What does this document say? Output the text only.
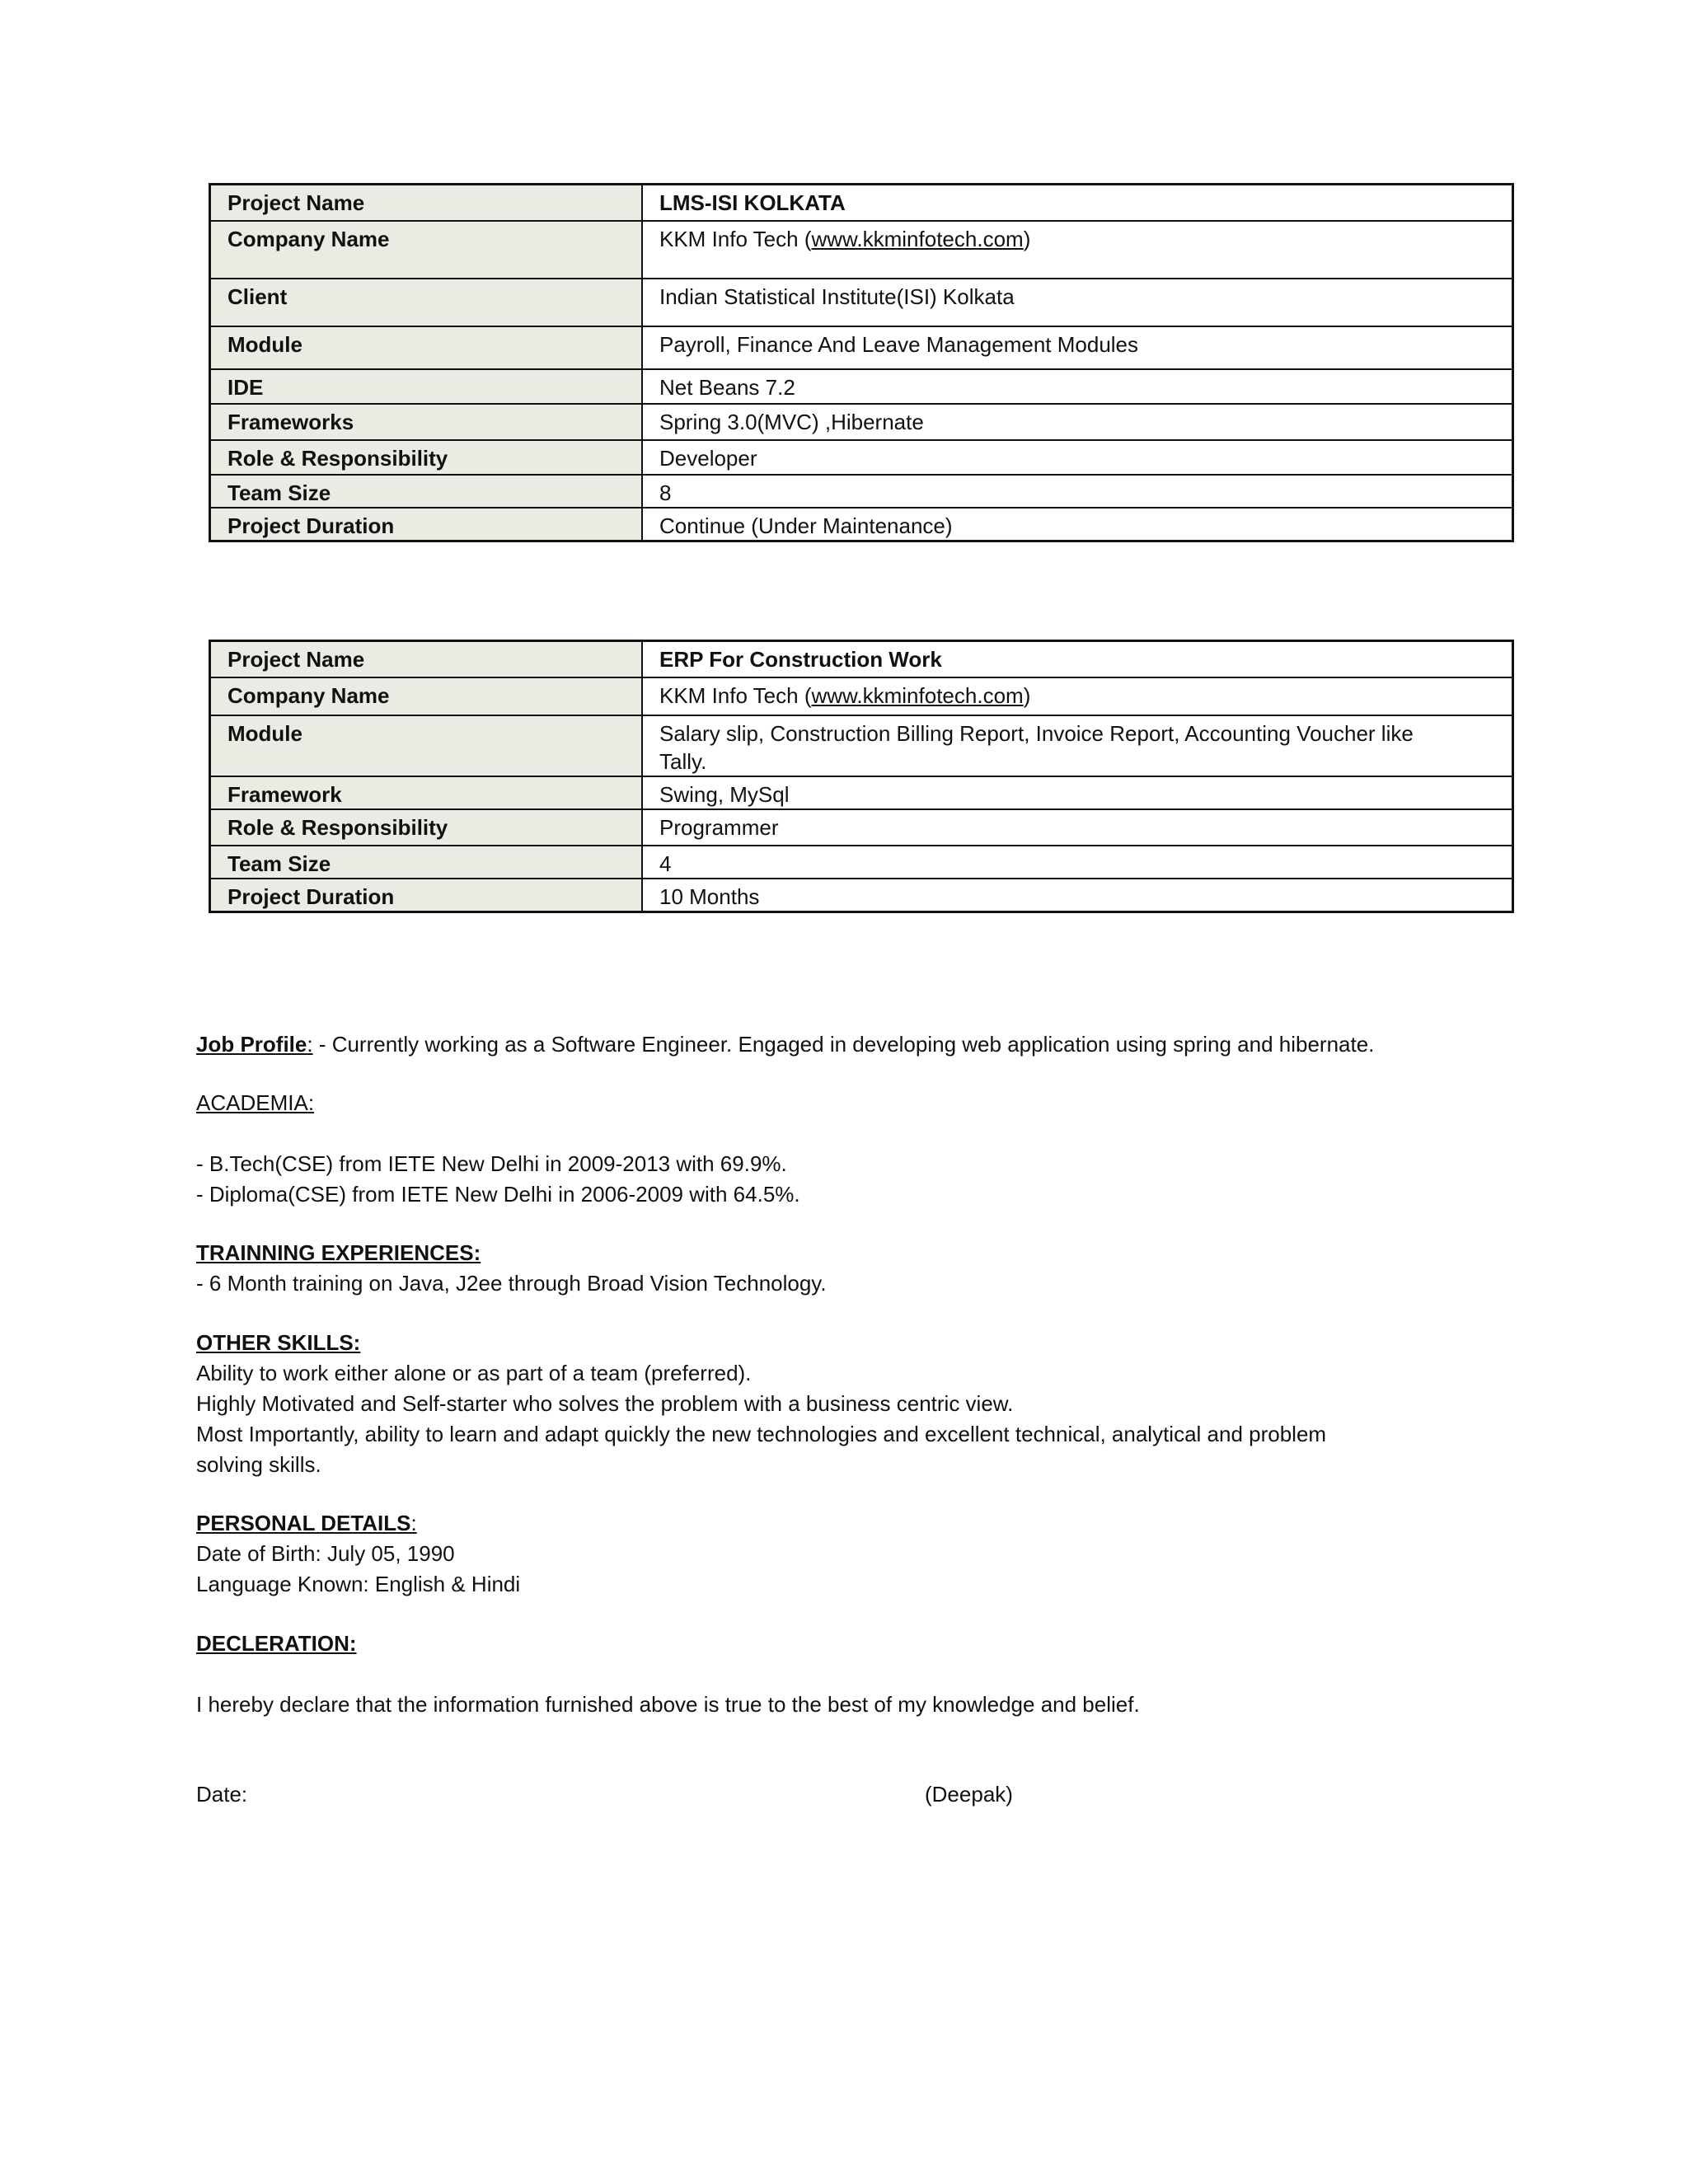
Project Name	LMS-ISI KOLKATA
Company Name	KKM Info Tech (www.kkminfotech.com)
Client	Indian Statistical Institute(ISI) Kolkata
Module	Payroll, Finance And Leave Management Modules
IDE	Net Beans 7.2
Frameworks	Spring 3.0(MVC) ,Hibernate
Role & Responsibility	Developer
Team Size	8
Project Duration	Continue (Under Maintenance)
Project Name	ERP For Construction Work
Company Name	KKM Info Tech (www.kkminfotech.com)
Module	Salary slip, Construction Billing Report, Invoice Report, Accounting Voucher like
Tally.

Framework	Swing, MySql
Role & Responsibility	Programmer
Team Size	4
Project Duration	10 Months
Job Profile: - Currently working as a Software Engineer. Engaged in developing web application using spring and hibernate.
ACADEMIA:
- B.Tech(CSE) from IETE New Delhi in 2009-2013 with 69.9%.
- Diploma(CSE) from IETE New Delhi in 2006-2009 with 64.5%.
TRAINNING EXPERIENCES:
- 6 Month training on Java, J2ee through Broad Vision Technology.
OTHER SKILLS:
Ability to work either alone or as part of a team (preferred).
Highly Motivated and Self-starter who solves the problem with a business centric view.
Most Importantly, ability to learn and adapt quickly the new technologies and excellent technical, analytical and problem
solving skills.
PERSONAL DETAILS:
Date of Birth: July 05, 1990
Language Known: English & Hindi
DECLERATION:
I hereby declare that the information furnished above is true to the best of my knowledge and belief.
Date:	(Deepak)
